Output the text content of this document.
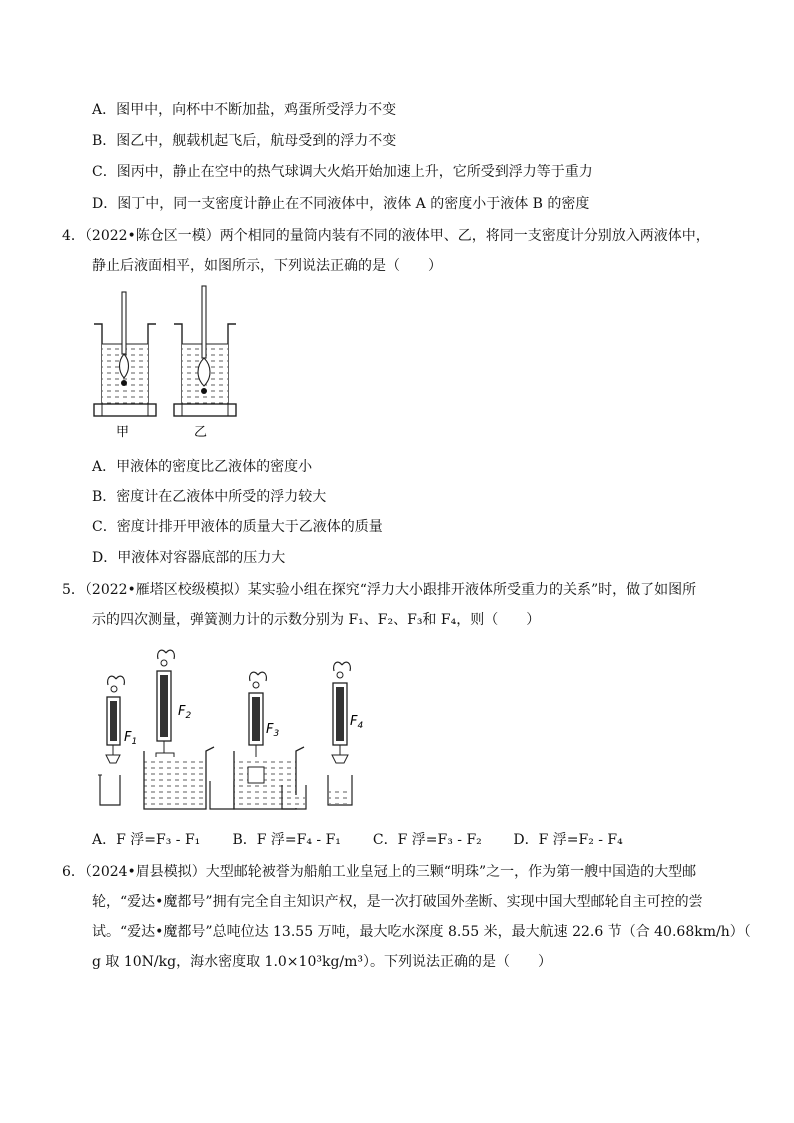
A．图甲中，向杯中不断加盐，鸡蛋所受浮力不变
B．图乙中，舰载机起飞后，航母受到的浮力不变
C．图丙中，静止在空中的热气球调大火焰开始加速上升，它所受到浮力等于重力
D．图丁中，同一支密度计静止在不同液体中，液体 A 的密度小于液体 B 的密度
4．（2022•陈仓区一模）两个相同的量筒内装有不同的液体甲、乙，将同一支密度计分别放入两液体中，
静止后液面相平，如图所示，下列说法正确的是（　　）
甲	乙
A．甲液体的密度比乙液体的密度小
B．密度计在乙液体中所受的浮力较大
C．密度计排开甲液体的质量大于乙液体的质量
D．甲液体对容器底部的压力大
5．（2022•雁塔区校级模拟）某实验小组在探究“浮力大小跟排开液体所受重力的关系”时，做了如图所
示的四次测量，弹簧测力计的示数分别为 F₁、F₂、F₃和 F₄，则（　　）
$F_1$
$F_2$
$F_3$
$F_4$
A．F 浮=F₃ - F₁ B．F 浮=F₄ - F₁ C．F 浮=F₃ - F₂ D．F 浮=F₂ - F₄
6．（2024•眉县模拟）大型邮轮被誉为船舶工业皇冠上的三颗“明珠”之一，作为第一艘中国造的大型邮
轮，“爱达•魔都号”拥有完全自主知识产权，是一次打破国外垄断、实现中国大型邮轮自主可控的尝
试。“爱达•魔都号”总吨位达 13.55 万吨，最大吃水深度 8.55 米，最大航速 22.6 节（合 40.68km/h）（
g 取 10N/kg，海水密度取 1.0×10³kg/m³）。下列说法正确的是（　　）
